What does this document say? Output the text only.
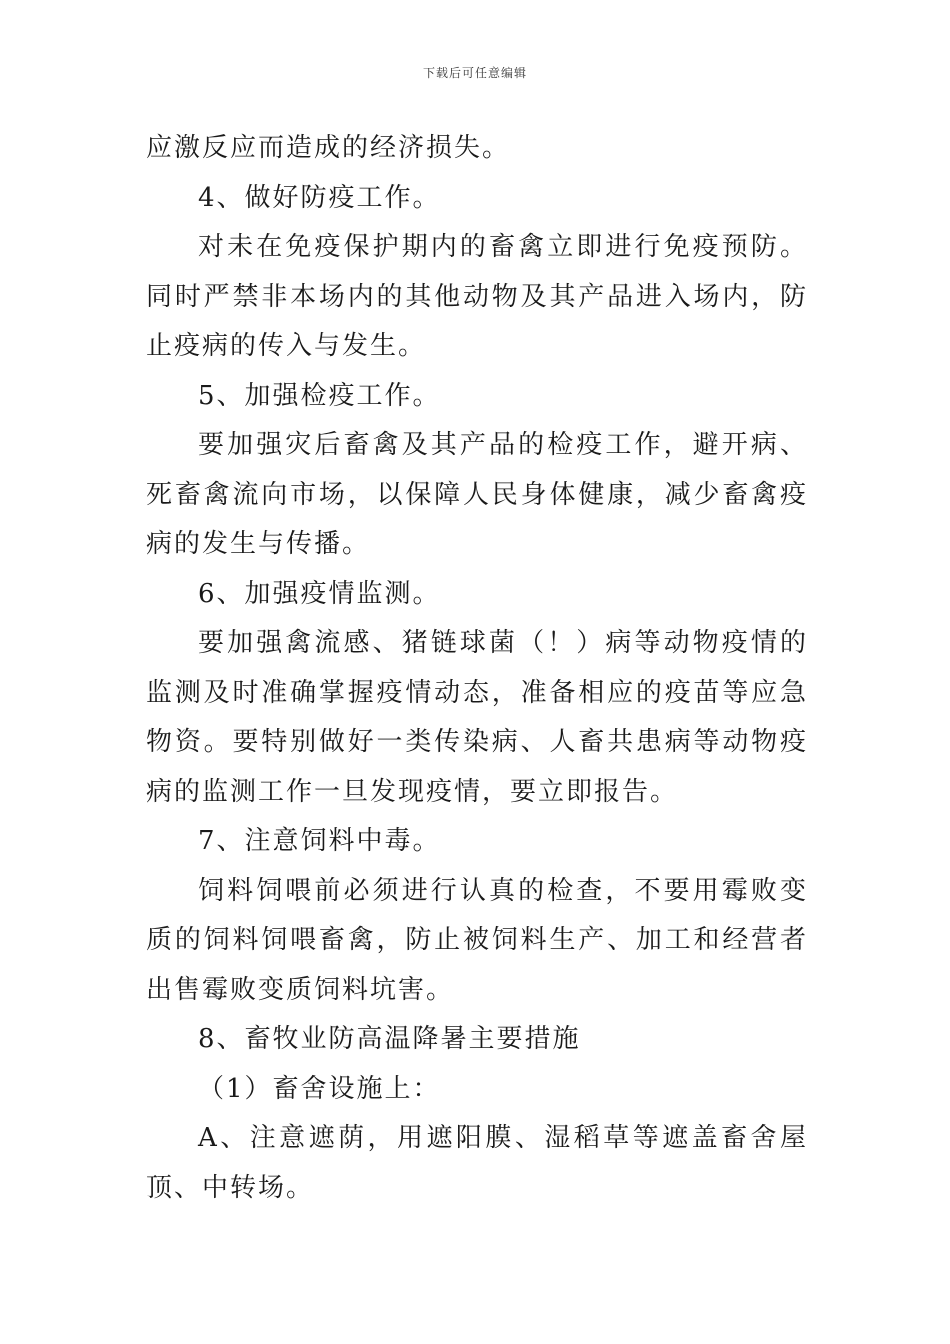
下载后可任意编辑

应激反应而造成的经济损失。

4、做好防疫工作。

对未在免疫保护期内的畜禽立即进行免疫预防。同时严禁非本场内的其他动物及其产品进入场内，防止疫病的传入与发生。

5、加强检疫工作。

要加强灾后畜禽及其产品的检疫工作，避开病、死畜禽流向市场，以保障人民身体健康，减少畜禽疫病的发生与传播。

6、加强疫情监测。

要加强禽流感、猪链球菌（！）病等动物疫情的监测及时准确掌握疫情动态，准备相应的疫苗等应急物资。要特别做好一类传染病、人畜共患病等动物疫病的监测工作一旦发现疫情，要立即报告。

7、注意饲料中毒。

饲料饲喂前必须进行认真的检查，不要用霉败变质的饲料饲喂畜禽，防止被饲料生产、加工和经营者出售霉败变质饲料坑害。

8、畜牧业防高温降暑主要措施

（1）畜舍设施上：

A、注意遮荫，用遮阳膜、湿稻草等遮盖畜舍屋顶、中转场。
